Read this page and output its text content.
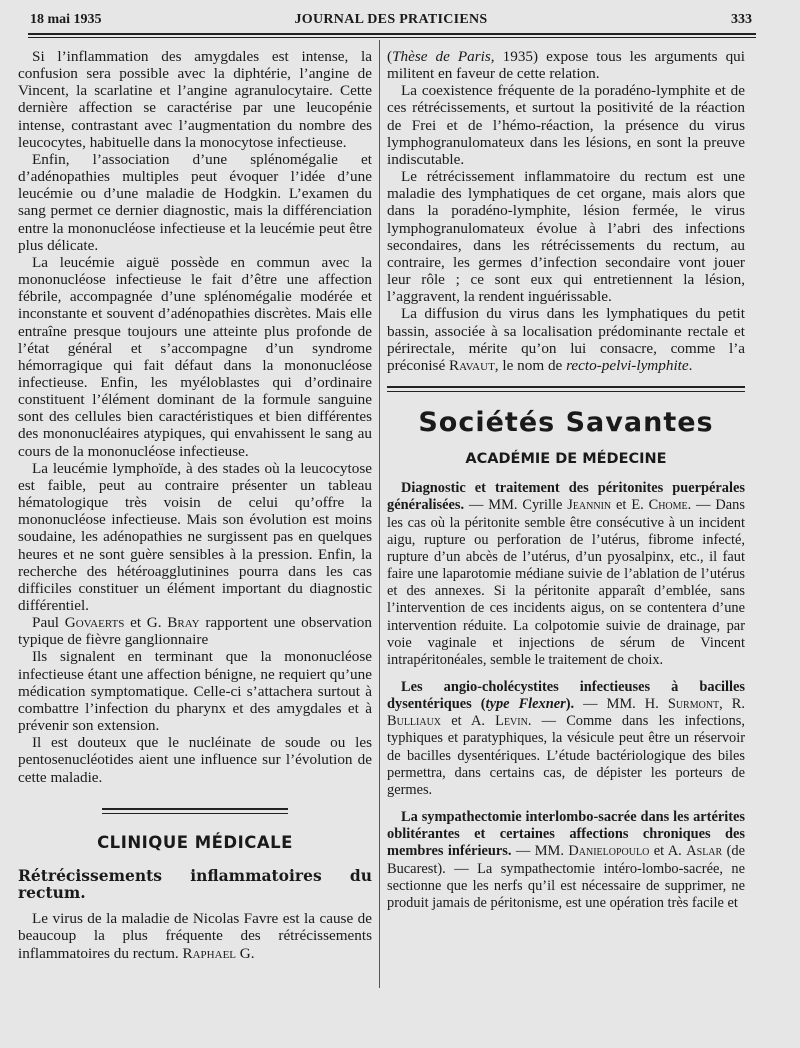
18 mai 1935	JOURNAL DES PRATICIENS	333

Si l’inflammation des amygdales est intense, la confusion sera possible avec la diphtérie, l’angine de Vincent, la scarlatine et l’angine agranulocytaire. Cette dernière affection se caractérise par une leucopénie intense, contrastant avec l’augmentation du nombre des leucocytes, habituelle dans la monocytose infectieuse.

Enfin, l’association d’une splénomégalie et d’adénopathies multiples peut évoquer l’idée d’une leucémie ou d’une maladie de Hodgkin. L’examen du sang permet ce dernier diagnostic, mais la différenciation entre la mononucléose infectieuse et la leucémie peut être plus délicate.

La leucémie aiguë possède en commun avec la mononucléose infectieuse le fait d’être une affection fébrile, accompagnée d’une splénomégalie modérée et inconstante et souvent d’adénopathies discrètes. Mais elle entraîne presque toujours une atteinte plus profonde de l’état général et s’accompagne d’un syndrome hémorragique qui fait défaut dans la mononucléose infectieuse. Enfin, les myéloblastes qui d’ordinaire constituent l’élément dominant de la formule sanguine sont des cellules bien caractéristiques et bien différentes des mononucléaires atypiques, qui envahissent le sang au cours de la mononucléose infectieuse.

La leucémie lymphoïde, à des stades où la leucocytose est faible, peut au contraire présenter un tableau hématologique très voisin de celui qu’offre la mononucléose infectieuse. Mais son évolution est moins soudaine, les adénopathies ne surgissent pas en quelques heures et ne sont guère sensibles à la pression. Enfin, la recherche des hétéroagglutinines pourra dans les cas difficiles constituer un élément important du diagnostic différentiel.

Paul Govaerts et G. Bray rapportent une observation typique de fièvre ganglionnaire

Ils signalent en terminant que la mononucléose infectieuse étant une affection bénigne, ne requiert qu’une médication symptomatique. Celle-ci s’attachera surtout à combattre l’infection du pharynx et des amygdales et à prévenir son extension.

Il est douteux que le nucléinate de soude ou les pentosenucléotides aient une influence sur l’évolution de cette maladie.

CLINIQUE MÉDICALE
Rétrécissements inflammatoires du rectum.

Le virus de la maladie de Nicolas Favre est la cause de beaucoup la plus fréquente des rétrécissements inflammatoires du rectum. Raphael G.

(Thèse de Paris, 1935) expose tous les arguments qui militent en faveur de cette relation.

La coexistence fréquente de la poradéno-lymphite et de ces rétrécissements, et surtout la positivité de la réaction de Frei et de l’hémo-réaction, la présence du virus lymphogranulomateux dans les lésions, en sont la preuve indiscutable.

Le rétrécissement inflammatoire du rectum est une maladie des lymphatiques de cet organe, mais alors que dans la poradéno-lymphite, lésion fermée, le virus lymphogranulomateux évolue à l’abri des infections secondaires, dans les rétrécissements du rectum, au contraire, les germes d’infection secondaire vont jouer leur rôle ; ce sont eux qui entretiennent la lésion, l’aggravent, la rendent inguérissable.

La diffusion du virus dans les lymphatiques du petit bassin, associée à sa localisation prédominante rectale et périrectale, mérite qu’on lui consacre, comme l’a préconisé Ravaut, le nom de recto-pelvi-lymphite.

Sociétés Savantes
ACADÉMIE DE MÉDECINE

Diagnostic et traitement des péritonites puerpérales généralisées. — MM. Cyrille Jeannin et E. Chome. — Dans les cas où la péritonite semble être consécutive à un incident aigu, rupture ou perforation de l’utérus, fibrome infecté, rupture d’un abcès de l’utérus, d’un pyosalpinx, etc., il faut faire une laparotomie médiane suivie de l’ablation de l’utérus et des annexes. Si la péritonite apparaît d’emblée, sans l’intervention de ces incidents aigus, on se contentera d’une intervention réduite. La colpotomie suivie de drainage, par voie vaginale et injections de sérum de Vincent intrapéritonéales, semble le traitement de choix.

Les angio-cholécystites infectieuses à bacilles dysentériques (type Flexner). — MM. H. Surmont, R. Bulliaux et A. Levin. — Comme dans les infections, typhiques et paratyphiques, la vésicule peut être un réservoir de bacilles dysentériques. L’étude bactériologique des biles permettra, dans certains cas, de dépister les porteurs de germes.

La sympathectomie interlombo-sacrée dans les artérites oblitérantes et certaines affections chroniques des membres inférieurs. — MM. Danielopoulo et A. Aslar (de Bucarest). — La sympathectomie intéro-lombo-sacrée, ne sectionne que les nerfs qu’il est nécessaire de supprimer, ne produit jamais de péritonisme, est une opération très facile et
